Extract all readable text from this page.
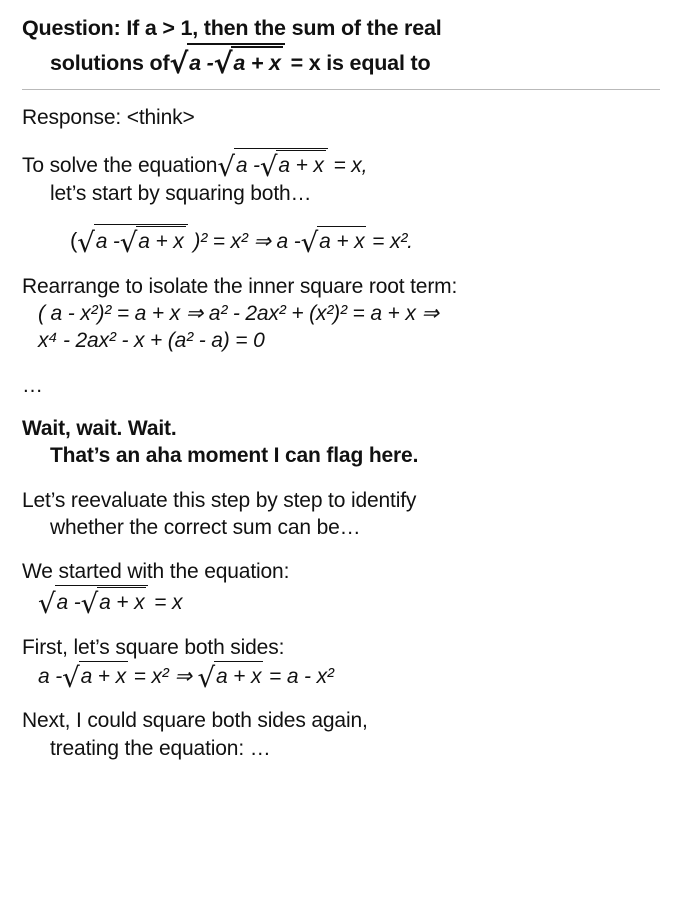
Question: If a > 1, then the sum of the real
solutions of√a -√a + x = x is equal to

Response: <think>

To solve the equation√a -√a + x = x,
let’s start by squaring both…

(√a -√a + x )² = x² ⇒ a -√a + x = x².

Rearrange to isolate the inner square root term:
( a - x²)² = a + x ⇒ a² - 2ax² + (x²)² = a + x ⇒
x⁴ - 2ax² - x + (a² - a) = 0

…

Wait, wait. Wait.
That’s an aha moment I can flag here.

Let’s reevaluate this step by step to identify
whether the correct sum can be…

We started with the equation:
√a -√a + x = x

First, let’s square both sides:
a -√a + x = x² ⇒ √a + x = a - x²

Next, I could square both sides again,
treating the equation: …
